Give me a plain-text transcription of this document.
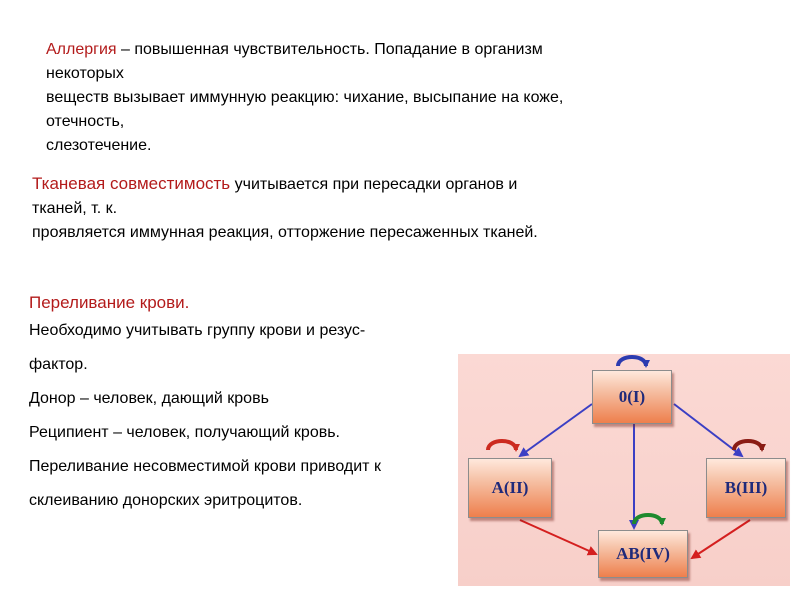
Аллергия – повышенная чувствительность. Попадание в организм
некоторых
веществ вызывает иммунную реакцию: чихание, высыпание на коже,
отечность,
слезотечение.
Тканевая совместимость учитывается при пересадки органов и
тканей, т. к.
проявляется иммунная реакция, отторжение пересаженных тканей.
Переливание крови.
Необходимо учитывать группу крови и резус-
фактор.
Донор – человек, дающий кровь
Реципиент – человек, получающий кровь.
Переливание несовместимой крови приводит к
склеиванию донорских эритроцитов.
0(I)
A(II)	B(III)
AB(IV)
